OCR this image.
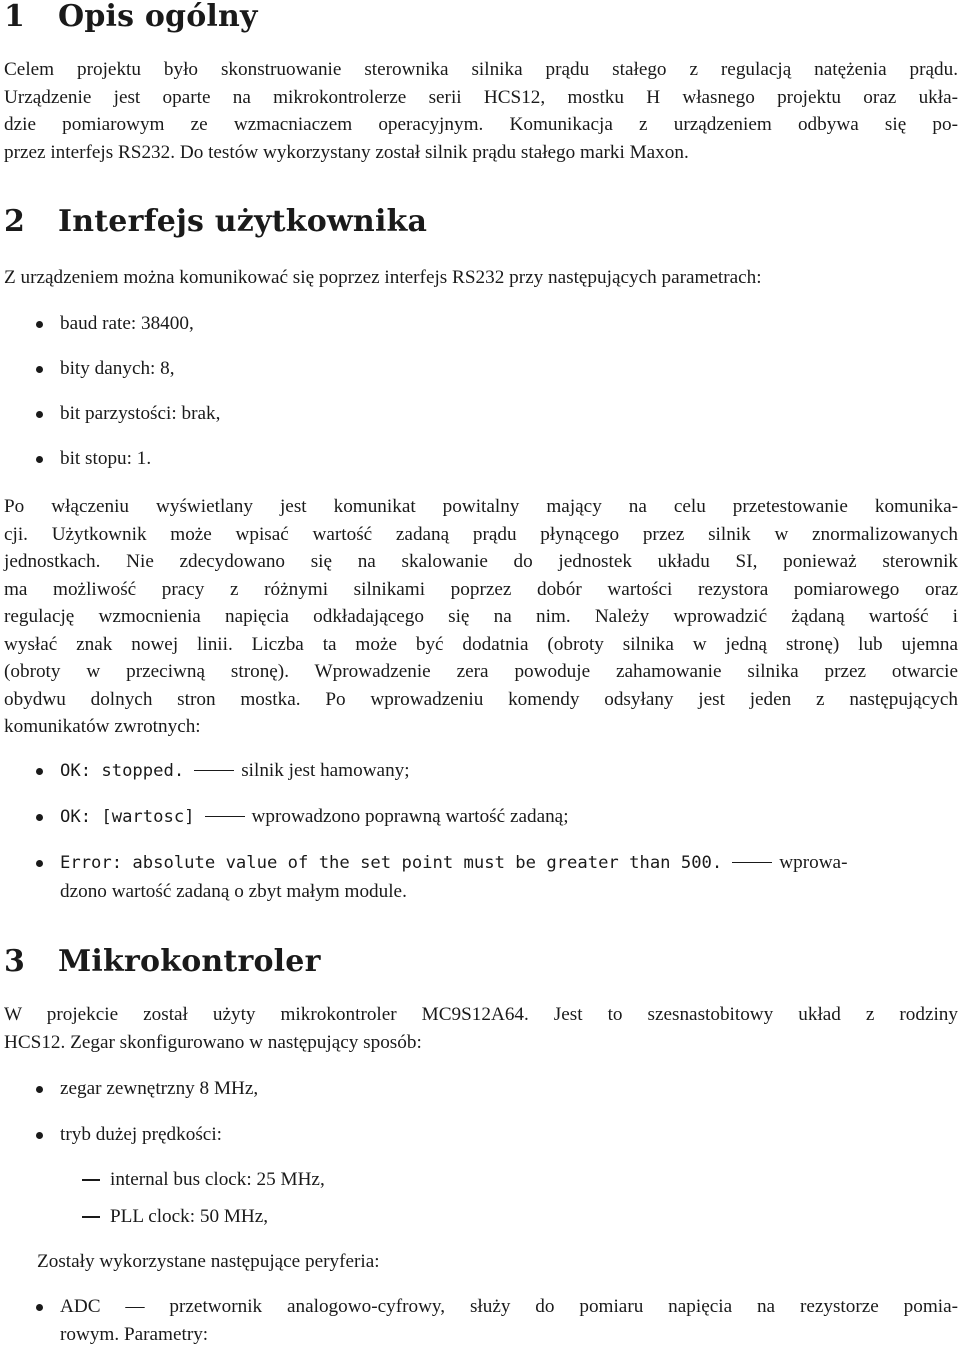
1 Opis ogólny

Celem projektu było skonstruowanie sterownika silnika prądu stałego z regulacją natężenia prądu.
Urządzenie jest oparte na mikrokontrolerze serii HCS12, mostku H własnego projektu oraz ukła-
dzie pomiarowym ze wzmacniaczem operacyjnym. Komunikacja z urządzeniem odbywa się po-
przez interfejs RS232. Do testów wykorzystany został silnik prądu stałego marki Maxon.

2 Interfejs użytkownika

Z urządzeniem można komunikować się poprzez interfejs RS232 przy następujących parametrach:

baud rate: 38400,
bity danych: 8,
bit parzystości: brak,
bit stopu: 1.

Po włączeniu wyświetlany jest komunikat powitalny mający na celu przetestowanie komunika-
cji. Użytkownik może wpisać wartość zadaną prądu płynącego przez silnik w znormalizowanych
jednostkach. Nie zdecydowano się na skalowanie do jednostek układu SI, ponieważ sterownik
ma możliwość pracy z różnymi silnikami poprzez dobór wartości rezystora pomiarowego oraz
regulację wzmocnienia napięcia odkładającego się na nim. Należy wprowadzić żądaną wartość i
wysłać znak nowej linii. Liczba ta może być dodatnia (obroty silnika w jedną stronę) lub ujemna
(obroty w przeciwną stronę). Wprowadzenie zera powoduje zahamowanie silnika przez otwarcie
obydwu dolnych stron mostka. Po wprowadzeniu komendy odsyłany jest jeden z następujących
komunikatów zwrotnych:

OK: stopped.	silnik jest hamowany;
OK: [wartosc]	wprowadzono poprawną wartość zadaną;
Error: absolute value of the set point must be greater than 500.	wprowa-
dzono wartość zadaną o zbyt małym module.
3 Mikrokontroler

W projekcie został użyty mikrokontroler MC9S12A64. Jest to szesnastobitowy układ z rodziny
HCS12. Zegar skonfigurowano w następujący sposób:

zegar zewnętrzny 8 MHz,
tryb dużej prędkości:
internal bus clock: 25 MHz,
PLL clock: 50 MHz,

Zostały wykorzystane następujące peryferia:

ADC — przetwornik analogowo-cyfrowy, służy do pomiaru napięcia na rezystorze pomia-
rowym. Parametry:
